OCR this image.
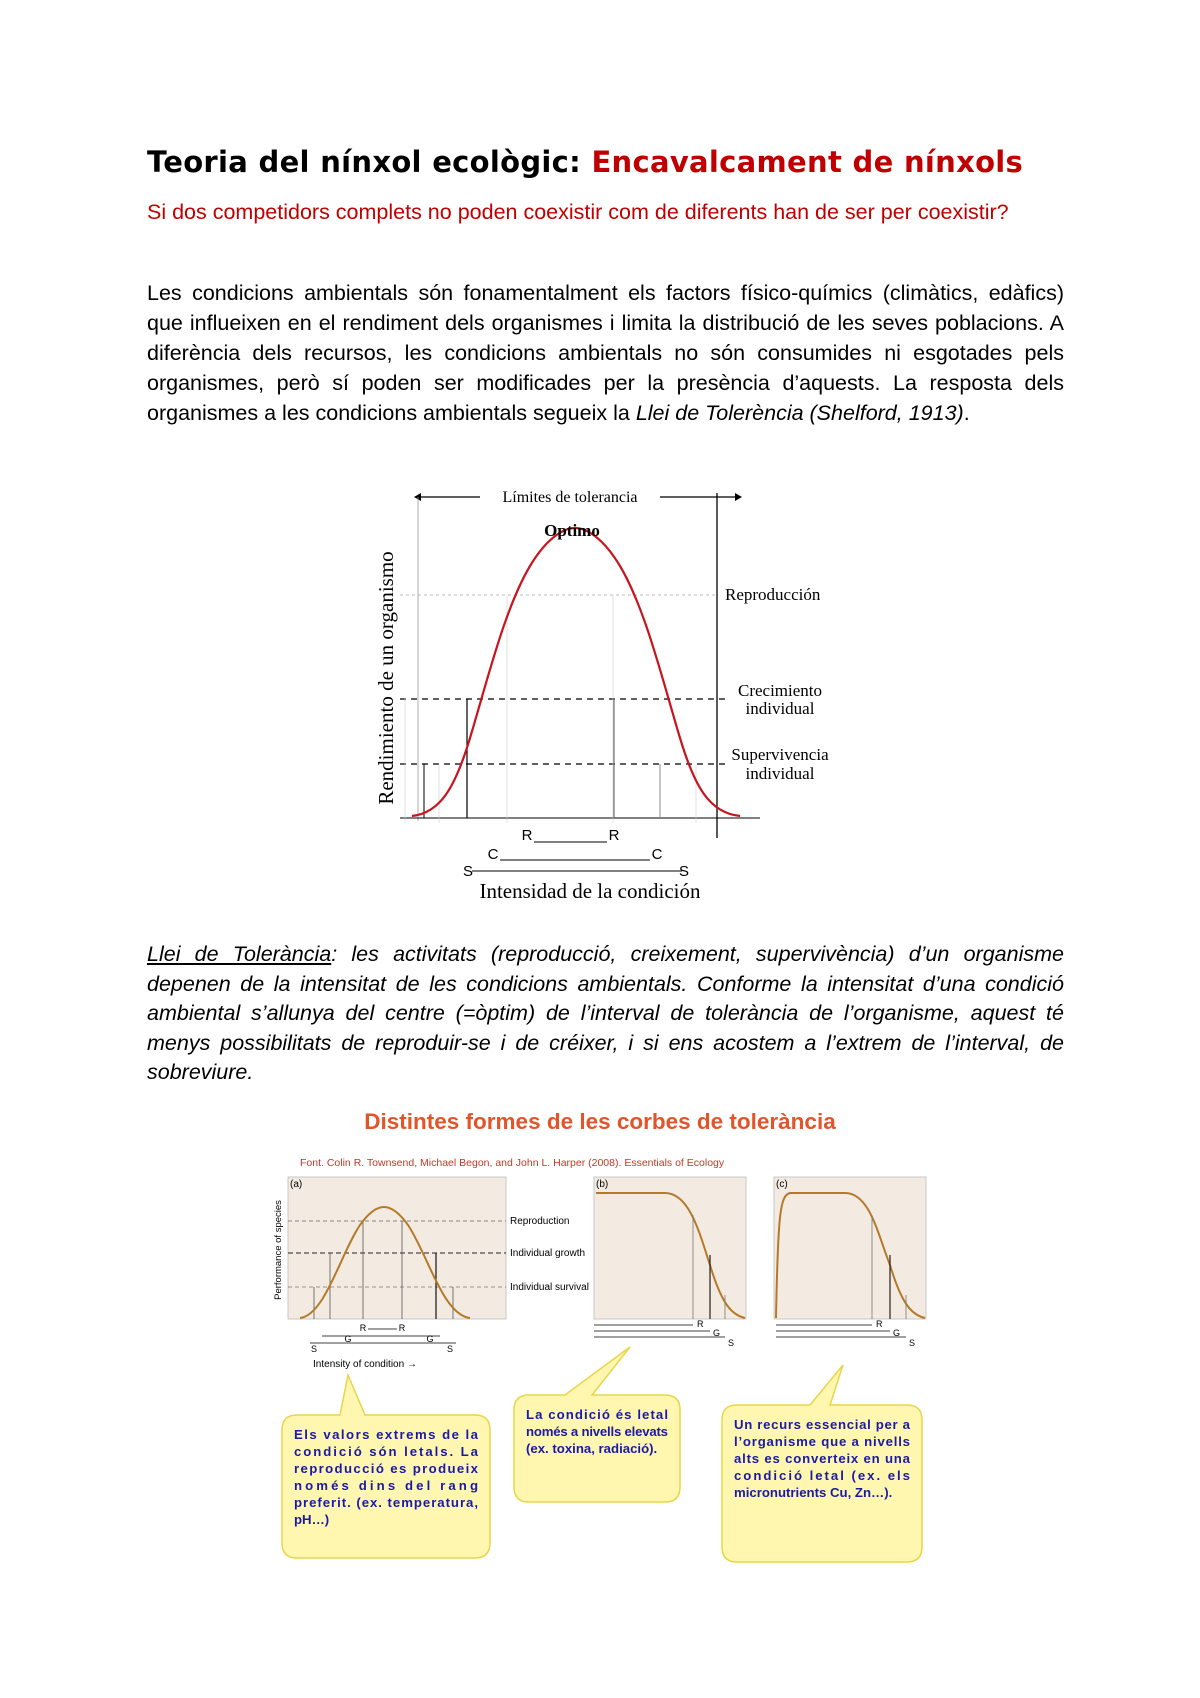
Teoria del nínxol ecològic: Encavalcament de nínxols
Si dos competidors complets no poden coexistir com de diferents han de ser per coexistir?
Les condicions ambientals són fonamentalment els factors físico-químics (climàtics, edàfics) que influeixen en el rendiment dels organismes i limita la distribució de les seves poblacions. A diferència dels recursos, les condicions ambientals no són consumides ni esgotades pels organismes, però sí poden ser modificades per la presència d’aquests. La resposta dels organismes a les condicions ambientals segueix la Llei de Tolerència (Shelford, 1913).
Límites de tolerancia
Rendimiento de un organismo
Optimo
Reproducción
Crecimiento
individual
Supervivencia
individual
R	R
C	C
S	S
Intensidad de la condición
Llei de Tolerància: les activitats (reproducció, creixement, supervivència) d’un organisme depenen de la intensitat de les condicions ambientals. Conforme la intensitat d’una condició ambiental s’allunya del centre (=òptim) de l’interval de tolerància de l’organisme, aquest té menys possibilitats de reproduir-se i de créixer, i si ens acostem a l’extrem de l’interval, de sobreviure.
Distintes formes de les corbes de tolerància
Font. Colin R. Townsend, Michael Begon, and John L. Harper (2008). Essentials of Ecology
(a)
Performance of species	Reproduction
Individual growth
Individual survival
R	R
G	G
S	S
Intensity of condition →
(b)
R
G
S
(c)
R
G
S
Els valors extrems de la
condició són letals. La
reproducció es produeix
només dins del rang
preferit. (ex. temperatura,
pH…)
La condició és letal
només a nivells elevats
(ex. toxina, radiació).
Un recurs essencial per a
l’organisme que a nivells
alts es converteix en una
condició letal (ex. els
micronutrients Cu, Zn…).
